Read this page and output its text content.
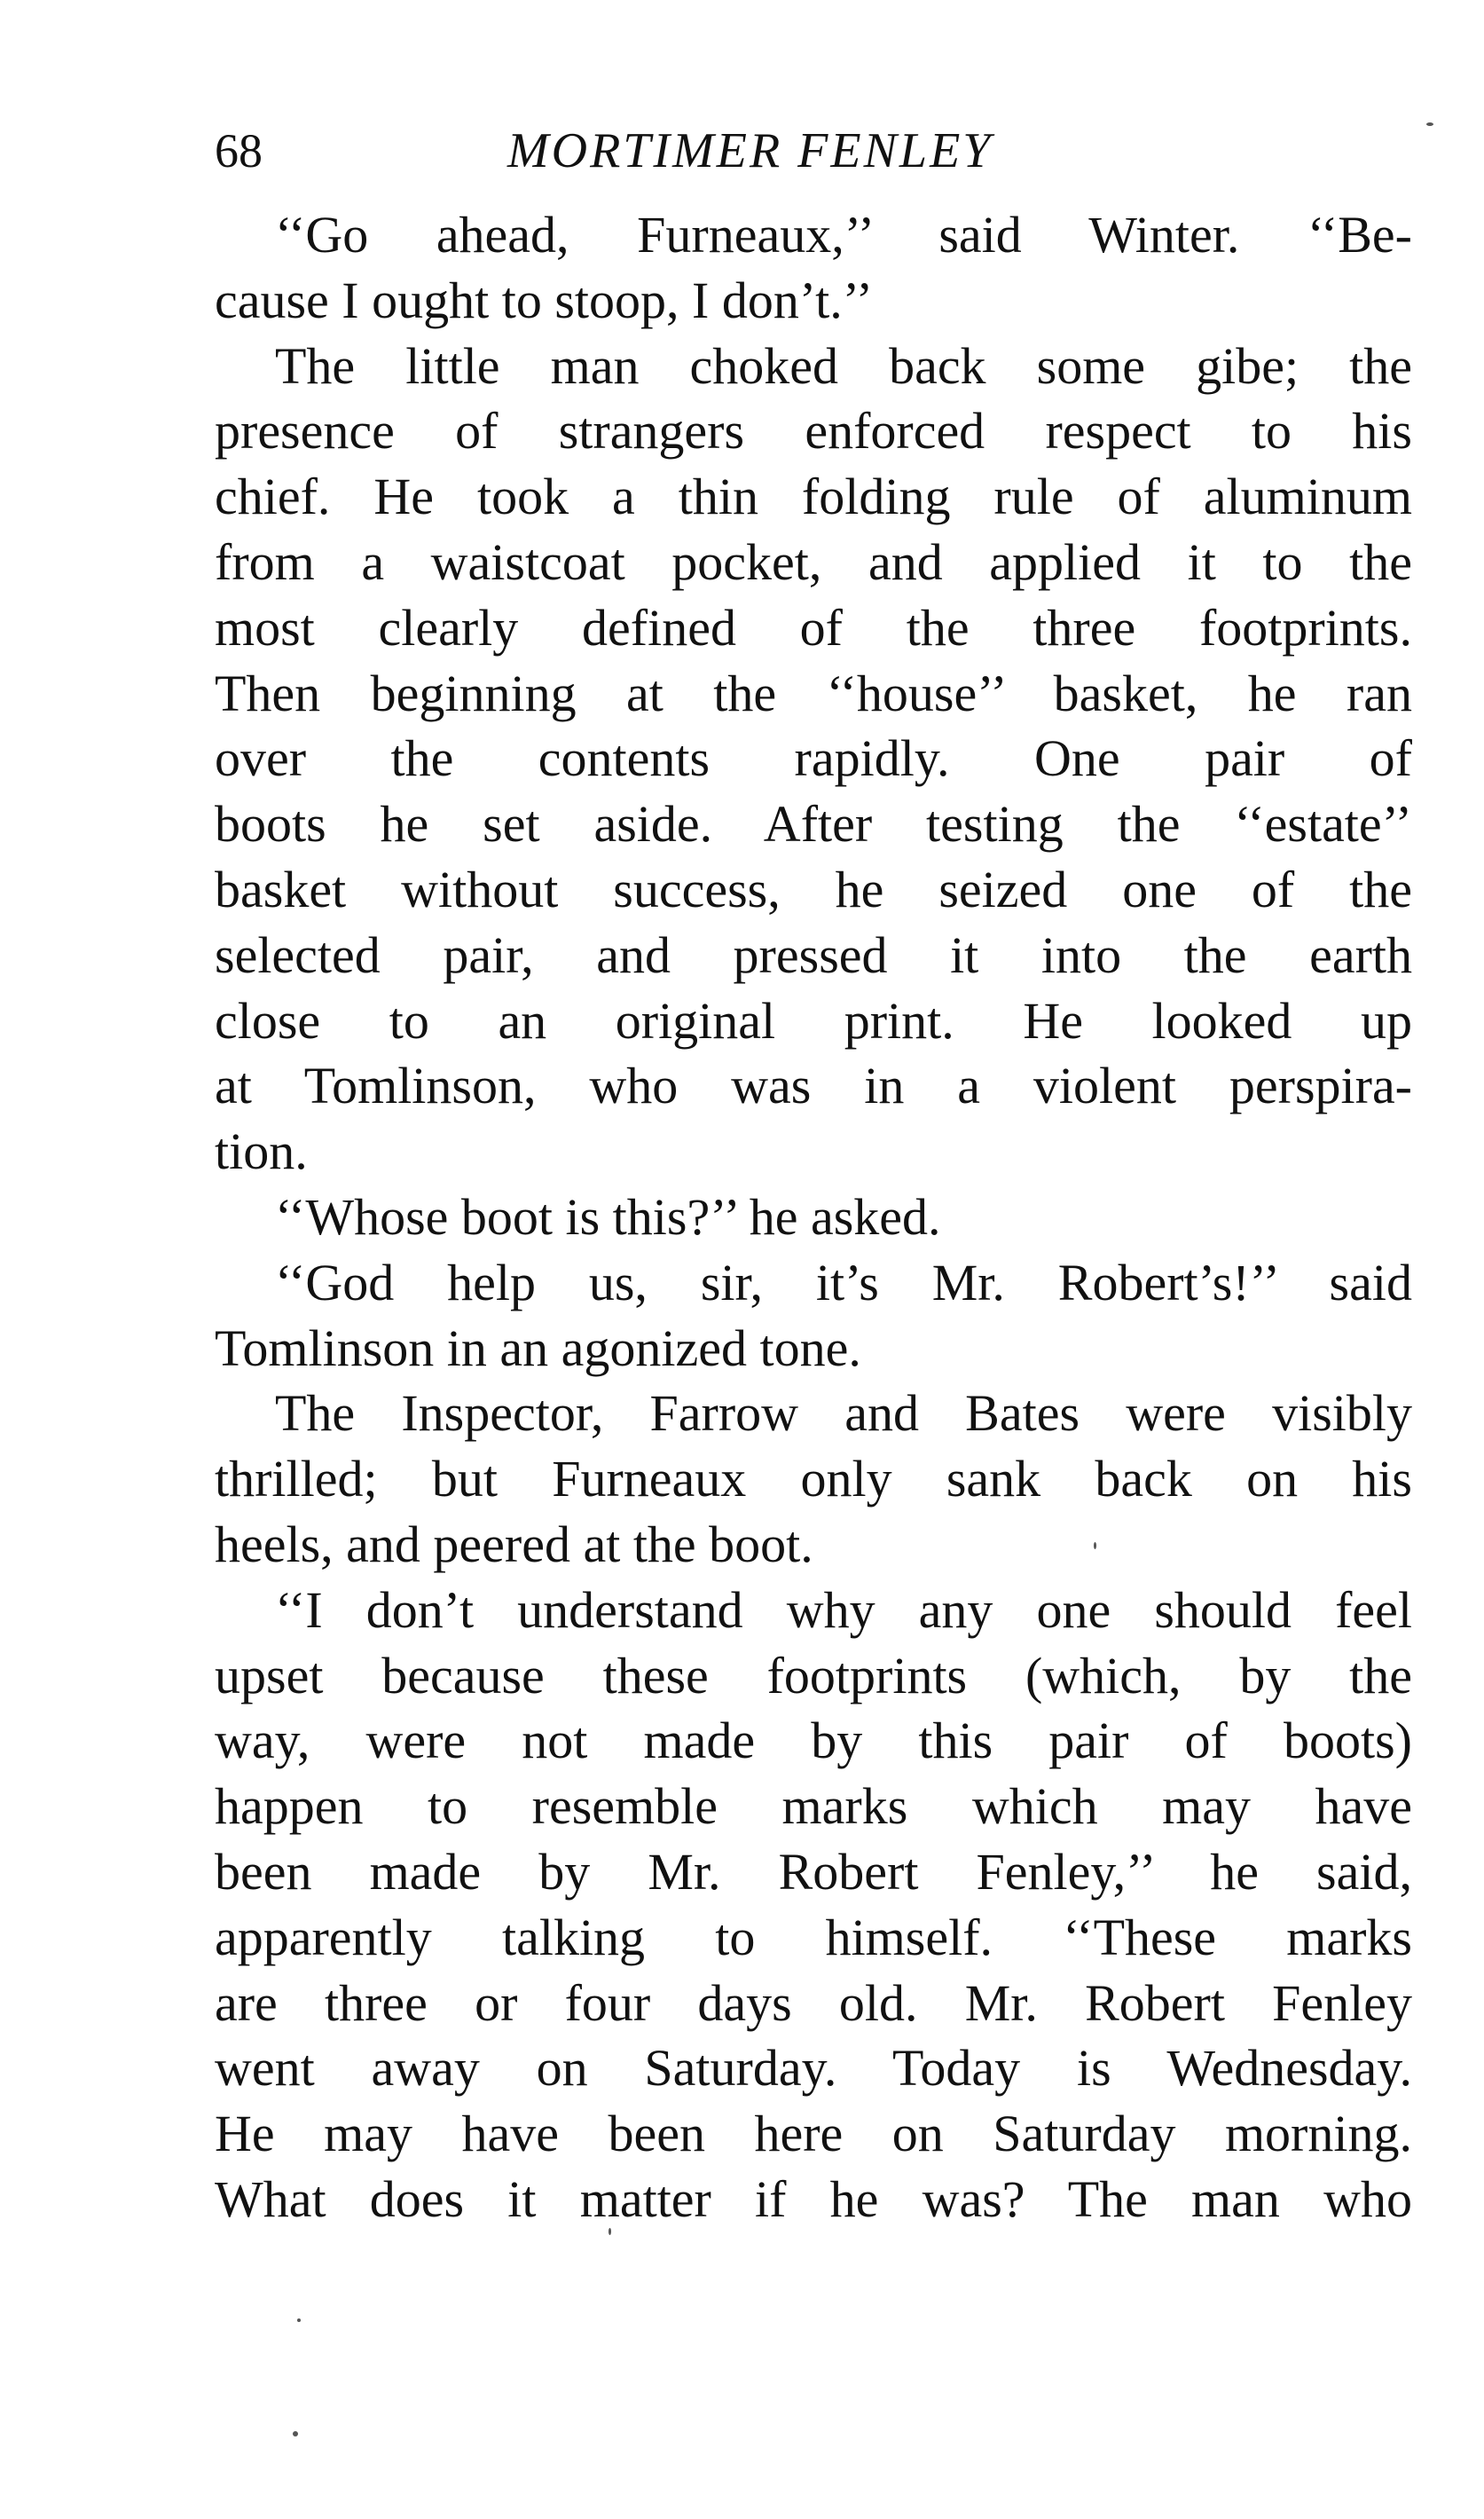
68	MORTIMER FENLEY
‘‘Go ahead, Furneaux,’’ said Winter. ‘‘Be-
cause I ought to stoop, I don’t.’’
The little man choked back some gibe; the
presence of strangers enforced respect to his
chief. He took a thin folding rule of aluminum
from a waistcoat pocket, and applied it to the
most clearly defined of the three footprints.
Then beginning at the ‘‘house’’ basket, he ran
over the contents rapidly. One pair of
boots he set aside. After testing the ‘‘estate’’
basket without success, he seized one of the
selected pair, and pressed it into the earth
close to an original print. He looked up
at Tomlinson, who was in a violent perspira-
tion.
‘‘Whose boot is this?’’ he asked.
‘‘God help us, sir, it’s Mr. Robert’s!’’ said
Tomlinson in an agonized tone.
The Inspector, Farrow and Bates were visibly
thrilled; but Furneaux only sank back on his
heels, and peered at the boot.
‘‘I don’t understand why any one should feel
upset because these footprints (which, by the
way, were not made by this pair of boots)
happen to resemble marks which may have
been made by Mr. Robert Fenley,’’ he said,
apparently talking to himself. ‘‘These marks
are three or four days old. Mr. Robert Fenley
went away on Saturday. Today is Wednesday.
He may have been here on Saturday morning.
What does it matter if he was? The man who
